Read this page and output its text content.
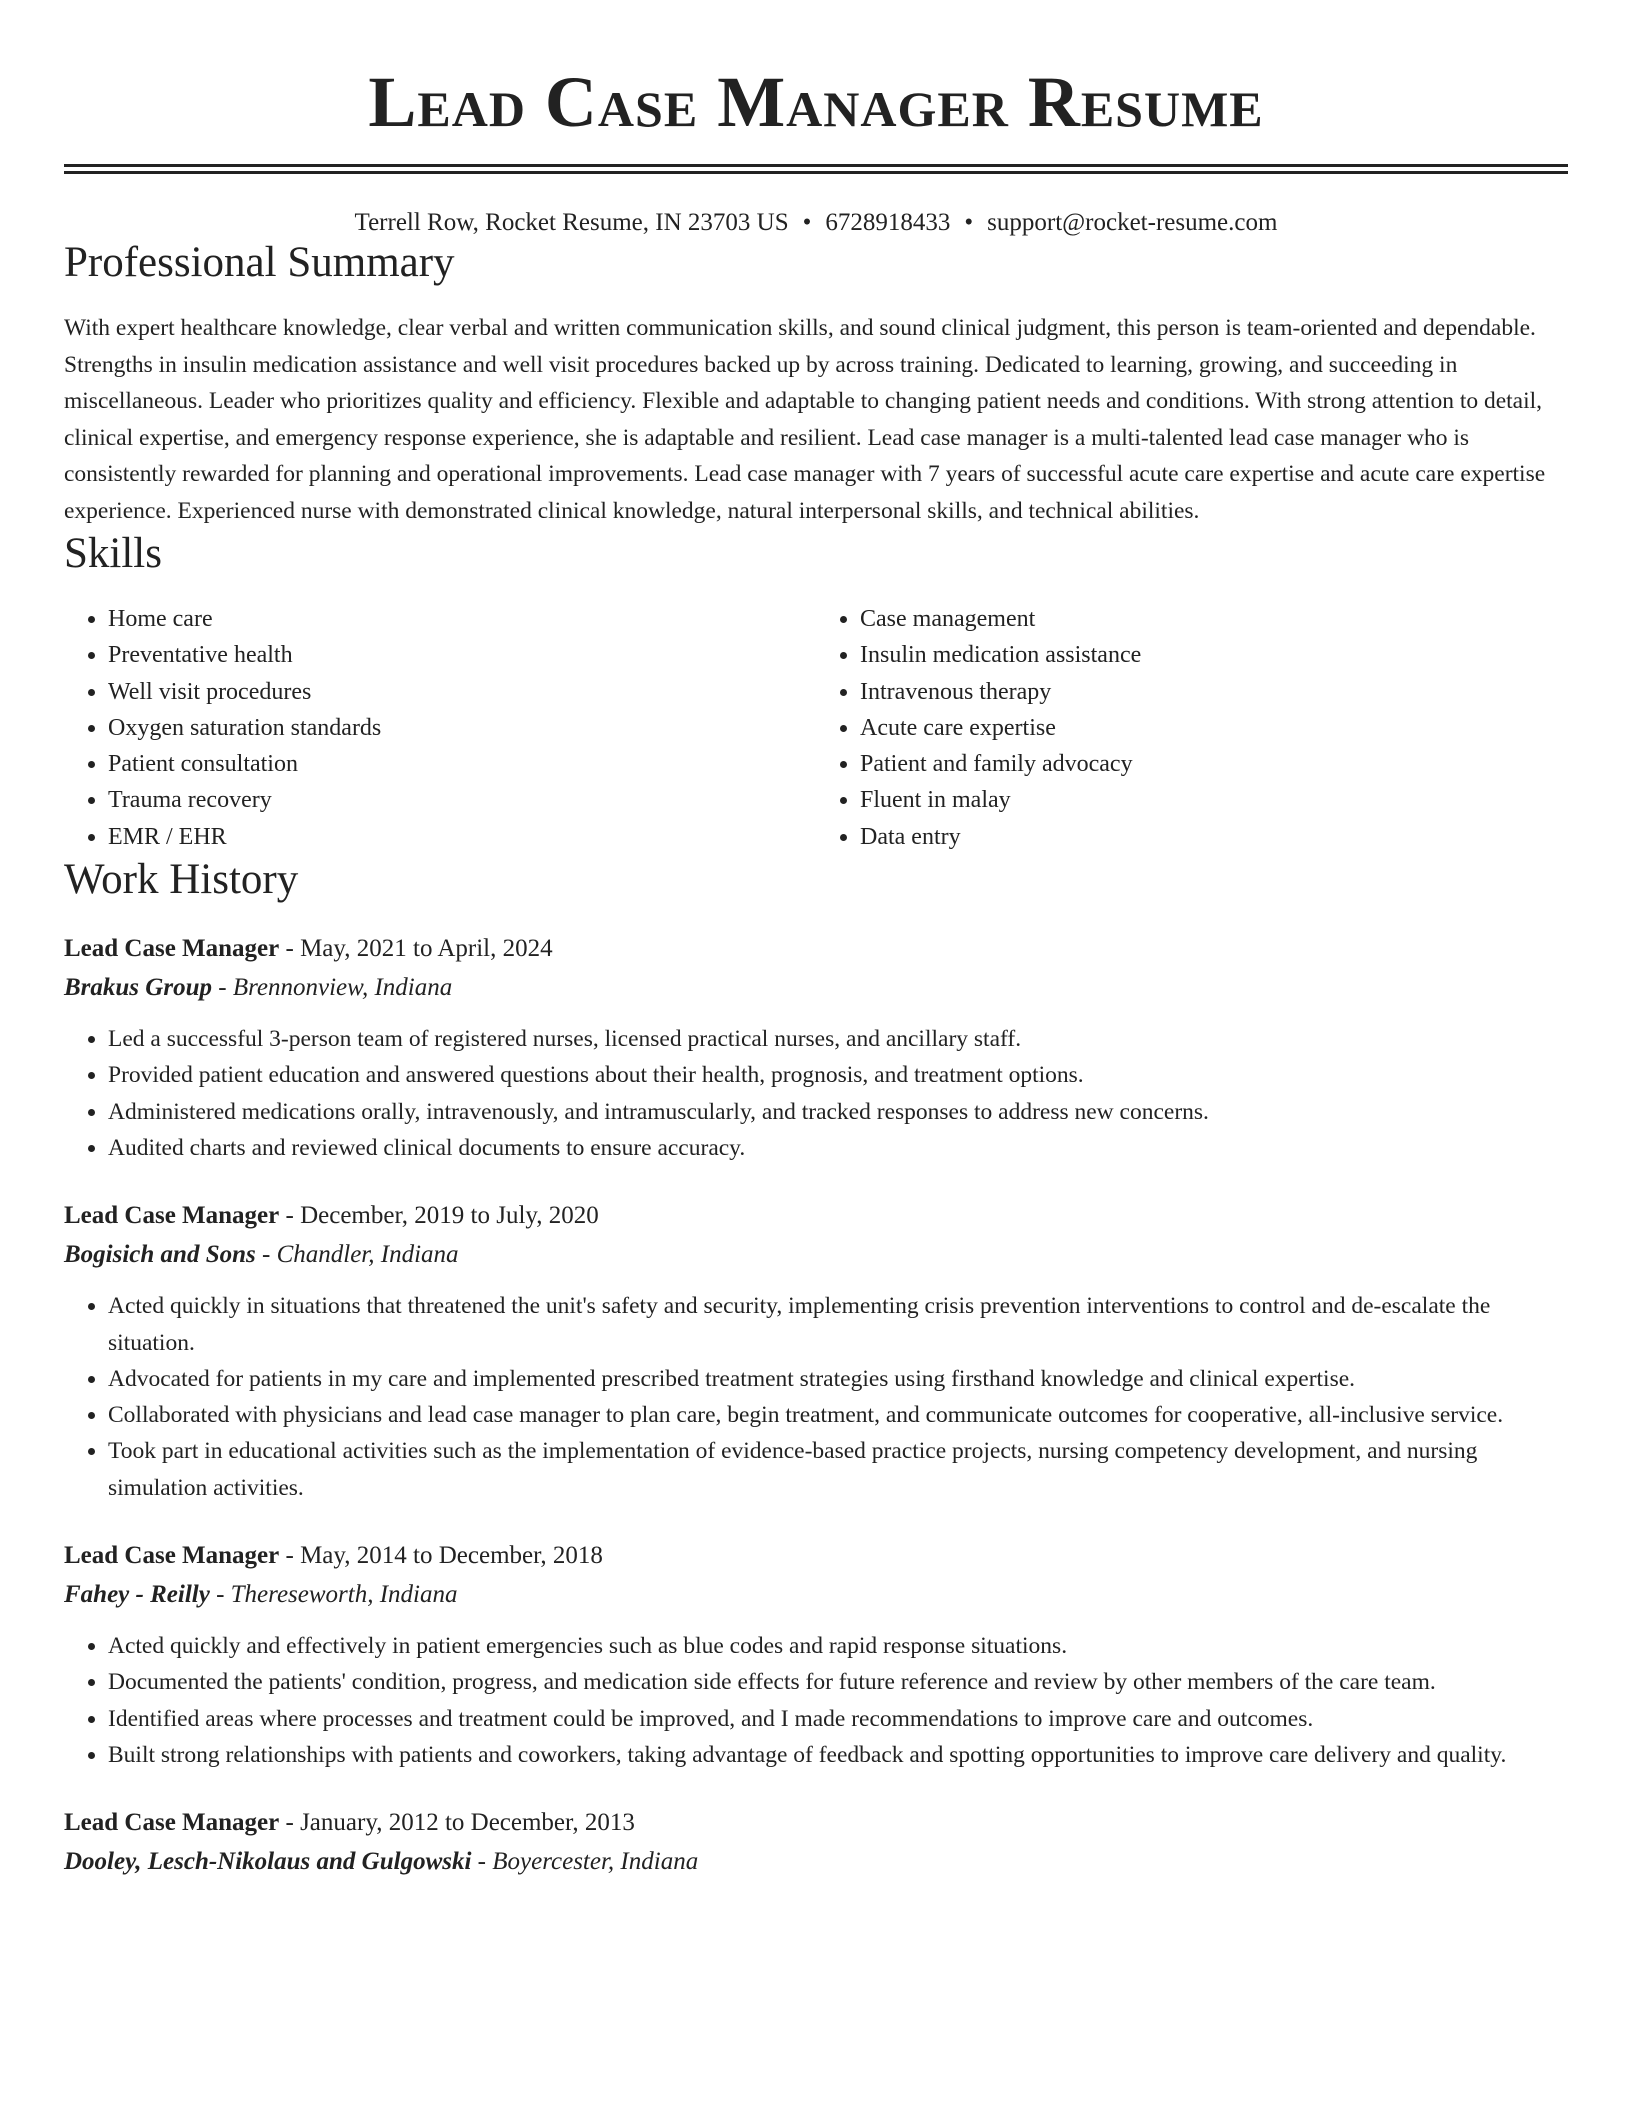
Lead Case Manager Resume
Terrell Row, Rocket Resume, IN 23703 US • 6728918433 • support@rocket-resume.com
Professional Summary

With expert healthcare knowledge, clear verbal and written communication skills, and sound clinical judgment, this person is team-oriented and dependable. Strengths in insulin medication assistance and well visit procedures backed up by across training. Dedicated to learning, growing, and succeeding in miscellaneous. Leader who prioritizes quality and efficiency. Flexible and adaptable to changing patient needs and conditions. With strong attention to detail, clinical expertise, and emergency response experience, she is adaptable and resilient. Lead case manager is a multi-talented lead case manager who is consistently rewarded for planning and operational improvements. Lead case manager with 7 years of successful acute care expertise and acute care expertise experience. Experienced nurse with demonstrated clinical knowledge, natural interpersonal skills, and technical abilities.

Skills
• Home care
• Preventative health
• Well visit procedures
• Oxygen saturation standards
• Patient consultation
• Trauma recovery
• EMR / EHR
• Case management
• Insulin medication assistance
• Intravenous therapy
• Acute care expertise
• Patient and family advocacy
• Fluent in malay
• Data entry
Work History
Lead Case Manager - May, 2021 to April, 2024
Brakus Group - Brennonview, Indiana
• Led a successful 3-person team of registered nurses, licensed practical nurses, and ancillary staff.
• Provided patient education and answered questions about their health, prognosis, and treatment options.
• Administered medications orally, intravenously, and intramuscularly, and tracked responses to address new concerns.
• Audited charts and reviewed clinical documents to ensure accuracy.
Lead Case Manager - December, 2019 to July, 2020
Bogisich and Sons - Chandler, Indiana
• Acted quickly in situations that threatened the unit's safety and security, implementing crisis prevention interventions to control and de-escalate the situation.
• Advocated for patients in my care and implemented prescribed treatment strategies using firsthand knowledge and clinical expertise.
• Collaborated with physicians and lead case manager to plan care, begin treatment, and communicate outcomes for cooperative, all-inclusive service.
• Took part in educational activities such as the implementation of evidence-based practice projects, nursing competency development, and nursing simulation activities.
Lead Case Manager - May, 2014 to December, 2018
Fahey - Reilly - Thereseworth, Indiana
• Acted quickly and effectively in patient emergencies such as blue codes and rapid response situations.
• Documented the patients' condition, progress, and medication side effects for future reference and review by other members of the care team.
• Identified areas where processes and treatment could be improved, and I made recommendations to improve care and outcomes.
• Built strong relationships with patients and coworkers, taking advantage of feedback and spotting opportunities to improve care delivery and quality.
Lead Case Manager - January, 2012 to December, 2013
Dooley, Lesch-Nikolaus and Gulgowski - Boyercester, Indiana
